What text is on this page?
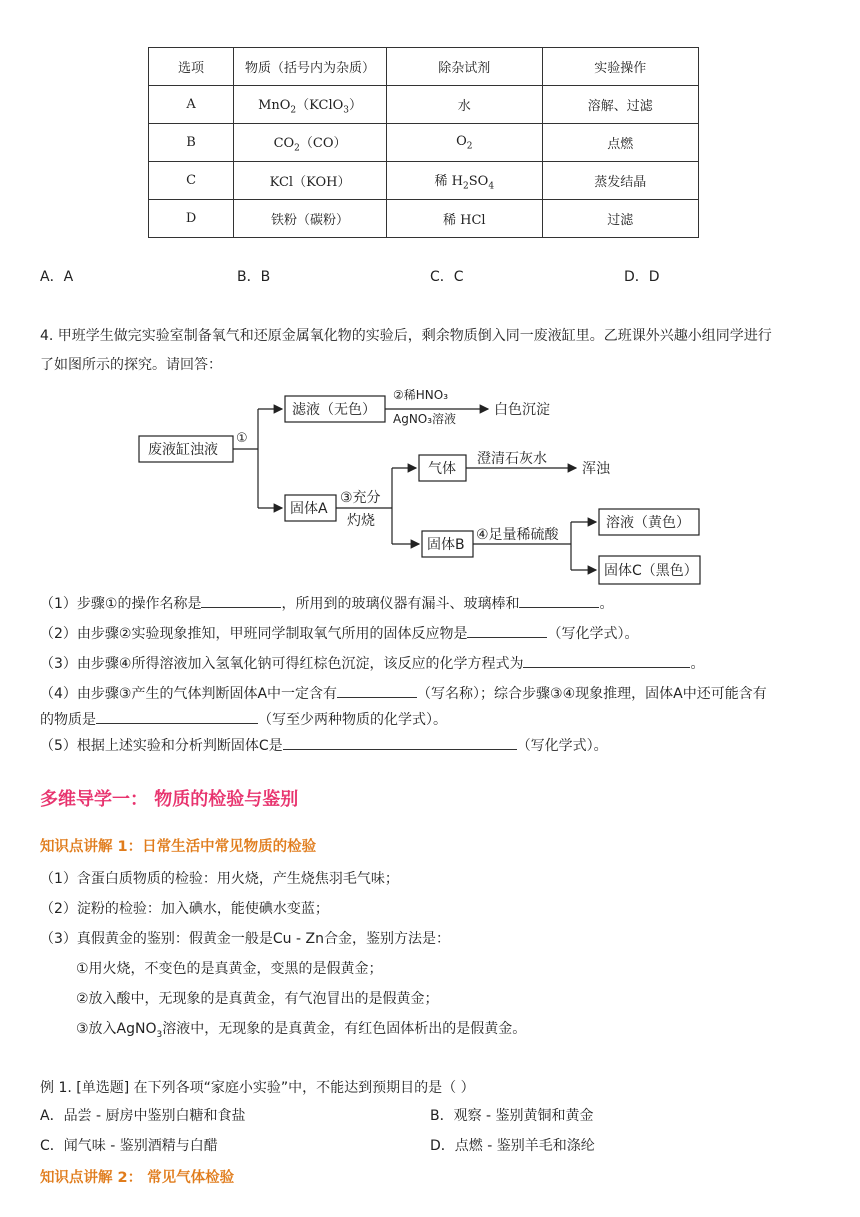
选项	物质（括号内为杂质）	除杂试剂	实验操作
A	MnO$_2$（KClO$_3$）	水	溶解、过滤
B	$CO_2(CO)$	$O_2$	点燃
C	KCl（KOH）	稀 $H_2SO_4$	蒸发结晶
D	铁粉（碳粉）	稀 HCl	过滤
A．A	B．B	C．C	D．D
4. 甲班学生做完实验室制备氧气和还原金属氧化物的实验后，剩余物质倒入同一废液缸里。乙班课外兴趣小组同学进行
了如图所示的探究。请回答：
废液缸浊液
①
滤液（无色）
②稀HNO₃
AgNO₃溶液
白色沉淀
固体A
③充分
灼烧
气体
澄清石灰水
浑浊
固体B
④足量稀硫酸
溶液（黄色）
固体C（黑色）
（1）步骤①的操作名称是	，所用到的玻璃仪器有漏斗、玻璃棒和	。
（2）由步骤②实验现象推知，甲班同学制取氧气所用的固体反应物是	（写化学式）。
（3）由步骤④所得溶液加入氢氧化钠可得红棕色沉淀，该反应的化学方程式为	。
（4）由步骤③产生的气体判断固体A中一定含有	（写名称）；综合步骤③④现象推理，固体A中还可能含有
的物质是	（写至少两种物质的化学式）。
（5）根据上述实验和分析判断固体C是	（写化学式）。
多维导学一： 物质的检验与鉴别
知识点讲解 1：日常生活中常见物质的检验
（1）含蛋白质物质的检验：用火烧，产生烧焦羽毛气味；
（2）淀粉的检验：加入碘水，能使碘水变蓝；
（3）真假黄金的鉴别：假黄金一般是Cu - Zn合金，鉴别方法是：
①用火烧，不变色的是真黄金，变黑的是假黄金；
②放入酸中，无现象的是真黄金，有气泡冒出的是假黄金；
③放入AgNO$_3$溶液中，无现象的是真黄金，有红色固体析出的是假黄金。
例 1. [单选题] 在下列各项“家庭小实验”中，不能达到预期目的是（ ）
A．品尝 - 厨房中鉴别白糖和食盐	B．观察 - 鉴别黄铜和黄金
C．闻气味 - 鉴别酒精与白醋	D．点燃 - 鉴别羊毛和涤纶
知识点讲解 2： 常见气体检验
